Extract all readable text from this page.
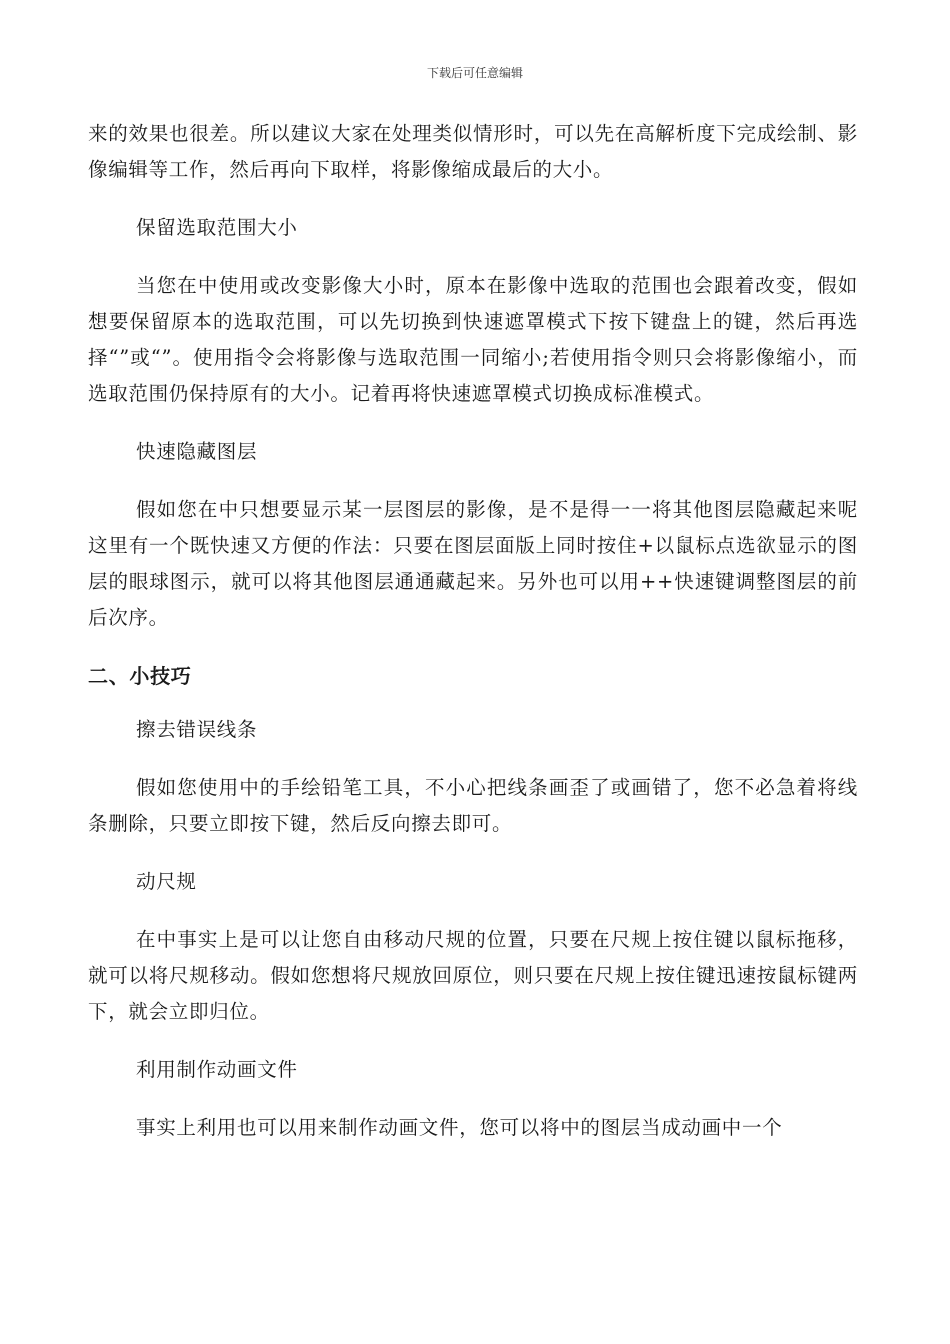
下载后可任意编辑

来的效果也很差。所以建议大家在处理类似情形时，可以先在高解析度下完成绘制、影像编辑等工作，然后再向下取样，将影像缩成最后的大小。

保留选取范围大小

当您在中使用或改变影像大小时，原本在影像中选取的范围也会跟着改变，假如想要保留原本的选取范围，可以先切换到快速遮罩模式下按下键盘上的键，然后再选择“”或“”。使用指令会将影像与选取范围一同缩小;若使用指令则只会将影像缩小，而选取范围仍保持原有的大小。记着再将快速遮罩模式切换成标准模式。

快速隐藏图层

假如您在中只想要显示某一层图层的影像，是不是得一一将其他图层隐藏起来呢这里有一个既快速又方便的作法：只要在图层面版上同时按住+以鼠标点选欲显示的图层的眼球图示，就可以将其他图层通通藏起来。另外也可以用++快速键调整图层的前后次序。

二、小技巧

擦去错误线条

假如您使用中的手绘铅笔工具，不小心把线条画歪了或画错了，您不必急着将线条删除，只要立即按下键，然后反向擦去即可。

动尺规

在中事实上是可以让您自由移动尺规的位置，只要在尺规上按住键以鼠标拖移，就可以将尺规移动。假如您想将尺规放回原位，则只要在尺规上按住键迅速按鼠标键两下，就会立即归位。

利用制作动画文件

事实上利用也可以用来制作动画文件，您可以将中的图层当成动画中一个
